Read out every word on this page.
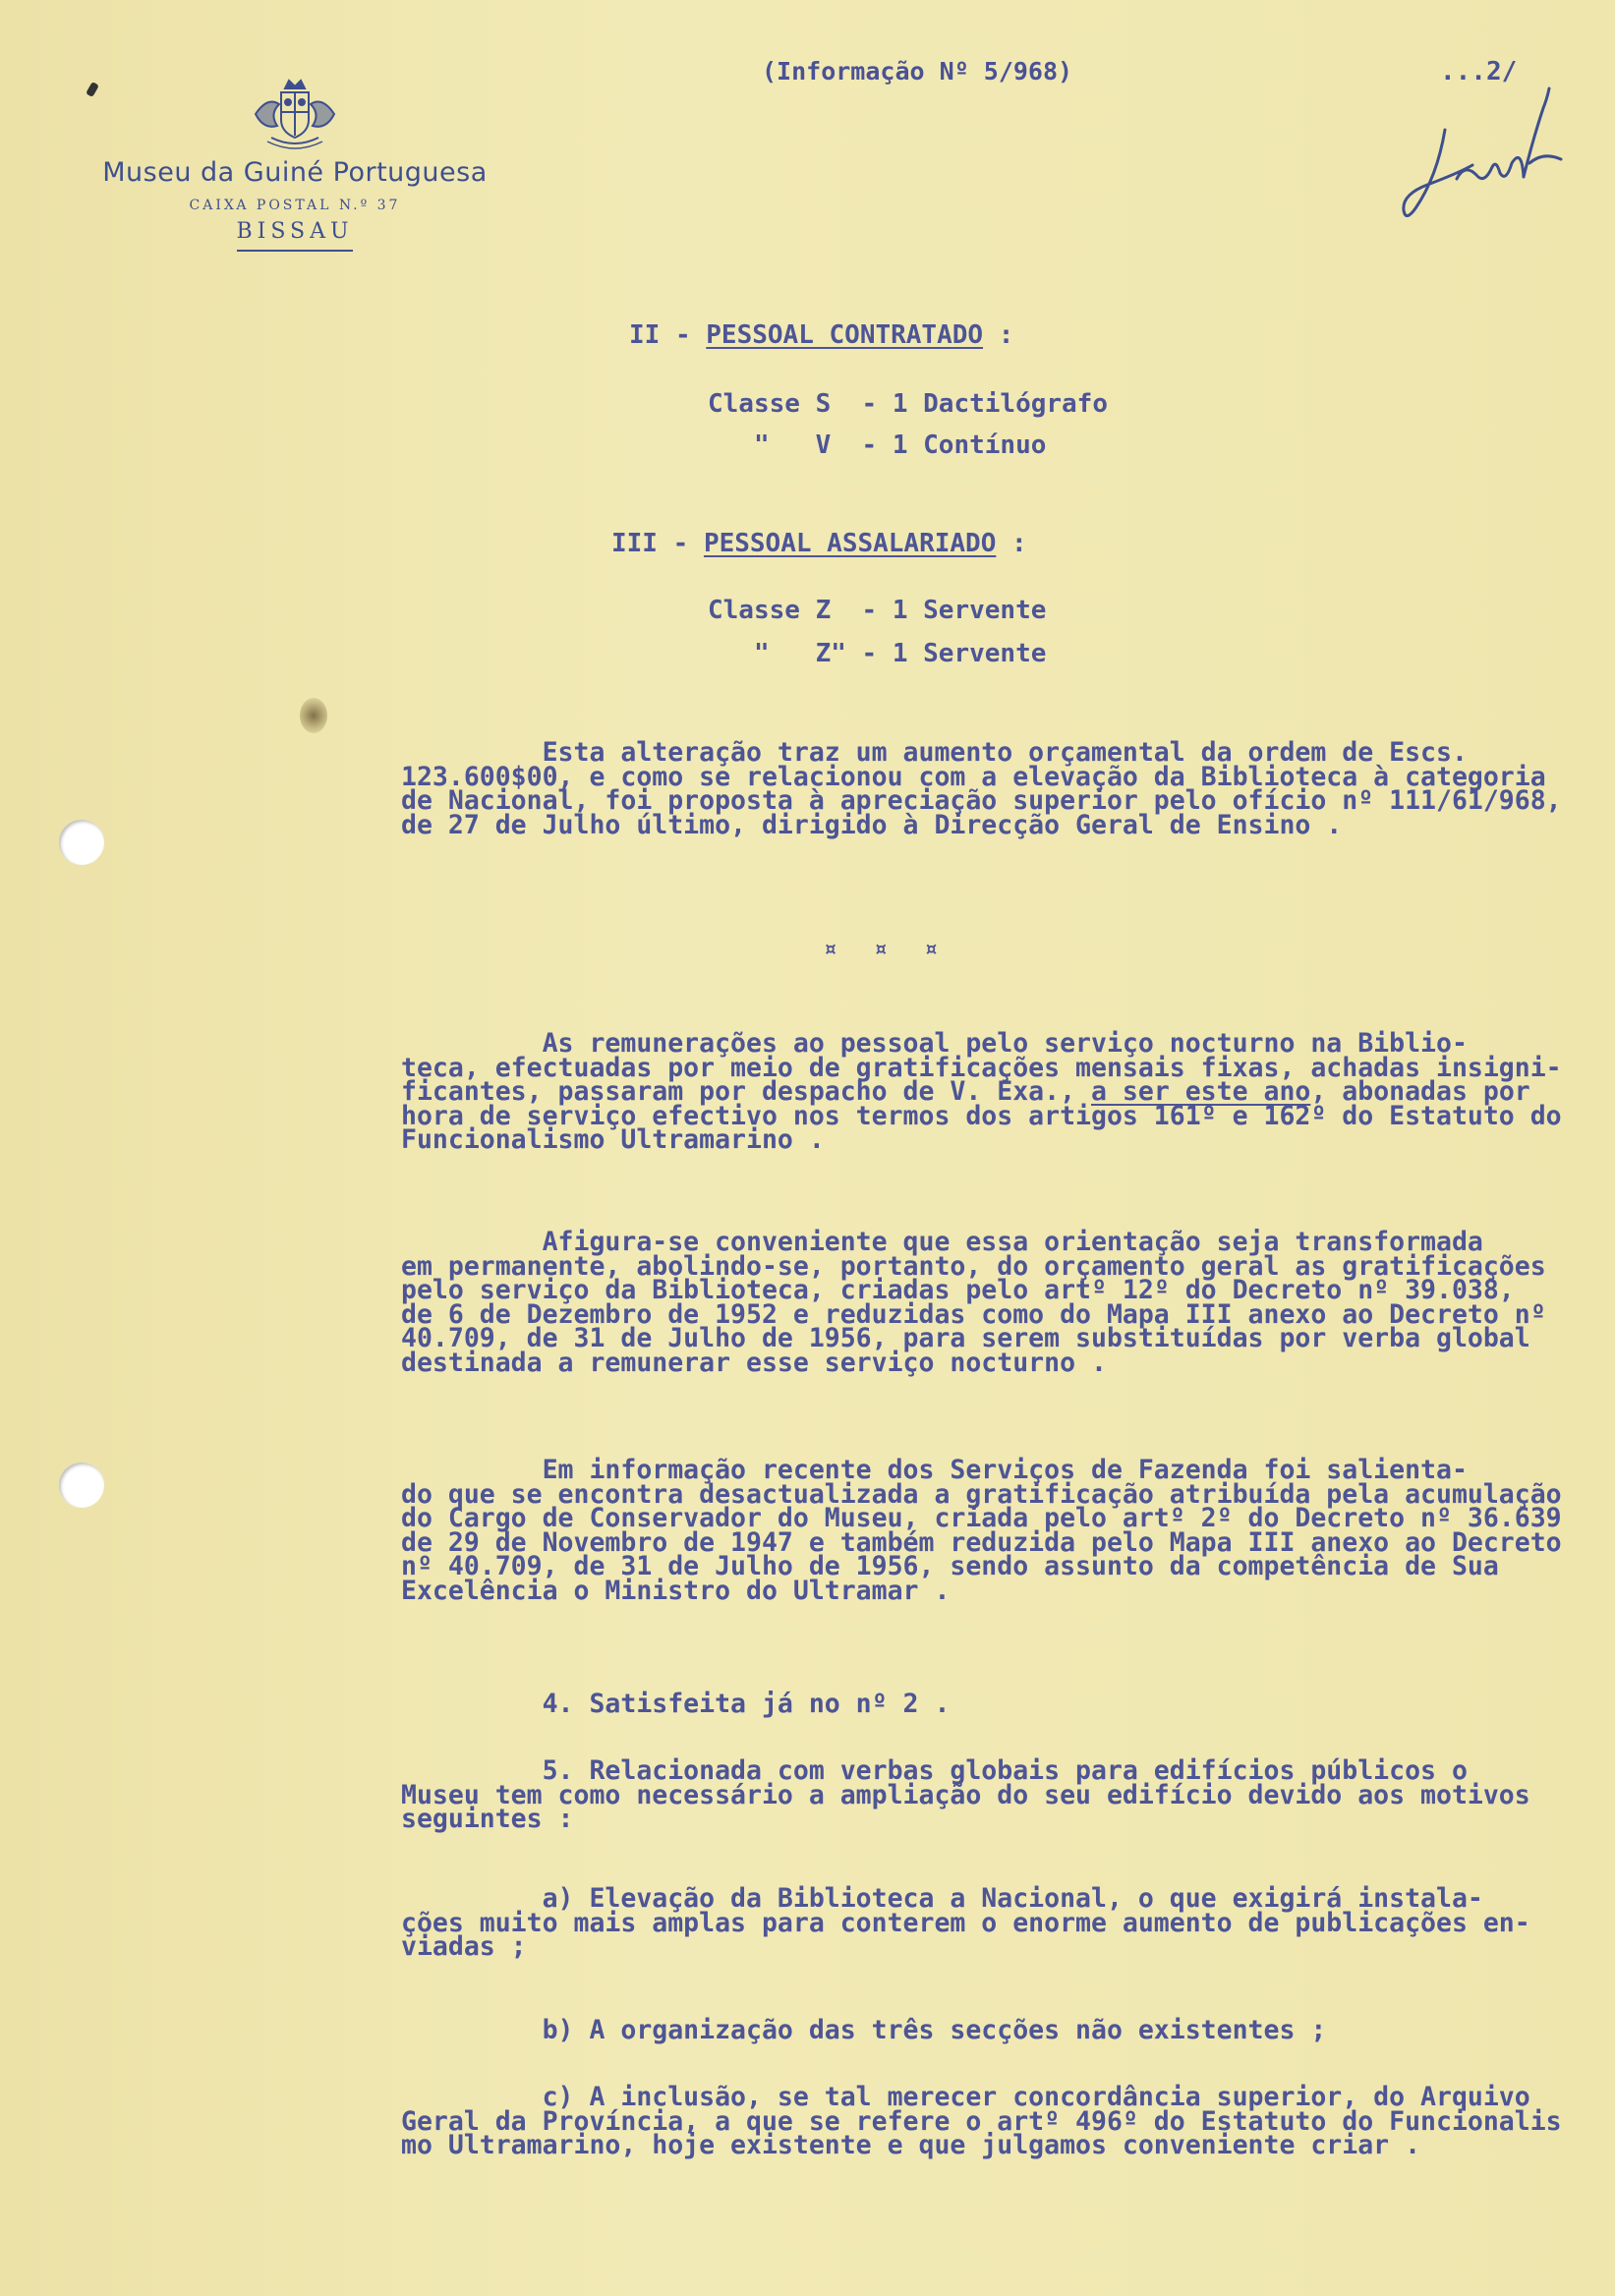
Museu da Guiné Portuguesa
CAIXA POSTAL N.º 37
BISSAU
(Informação Nº 5/968)	...2/
II - PESSOAL CONTRATADO :
Classe S  - 1 Dactilógrafo
"   V  - 1 Contínuo
III - PESSOAL ASSALARIADO :
Classe Z  - 1 Servente
"   Z" - 1 Servente
Esta alteração traz um aumento orçamental da ordem de Escs.
123.600$00, e como se relacionou com a elevação da Biblioteca à categoria
de Nacional, foi proposta à apreciação superior pelo ofício nº 111/61/968,
de 27 de Julho último, dirigido à Direcção Geral de Ensino .
¤¤¤
As remunerações ao pessoal pelo serviço nocturno na Biblio-
teca, efectuadas por meio de gratificações mensais fixas, achadas insigni-
ficantes, passaram por despacho de V. Exa., a ser este ano, abonadas por
hora de serviço efectivo nos termos dos artigos 161º e 162º do Estatuto do
Funcionalismo Ultramarino .
Afigura-se conveniente que essa orientação seja transformada
em permanente, abolindo-se, portanto, do orçamento geral as gratificações
pelo serviço da Biblioteca, criadas pelo artº 12º do Decreto nº 39.038,
de 6 de Dezembro de 1952 e reduzidas como do Mapa III anexo ao Decreto nº
40.709, de 31 de Julho de 1956, para serem substituídas por verba global
destinada a remunerar esse serviço nocturno .
Em informação recente dos Serviços de Fazenda foi salienta-
do que se encontra desactualizada a gratificação atribuída pela acumulação
do Cargo de Conservador do Museu, criada pelo artº 2º do Decreto nº 36.639
de 29 de Novembro de 1947 e também reduzida pelo Mapa III anexo ao Decreto
nº 40.709, de 31 de Julho de 1956, sendo assunto da competência de Sua
Excelência o Ministro do Ultramar .
4. Satisfeita já no nº 2 .
5. Relacionada com verbas globais para edifícios públicos o
Museu tem como necessário a ampliação do seu edifício devido aos motivos
seguintes :
a) Elevação da Biblioteca a Nacional, o que exigirá instala-
ções muito mais amplas para conterem o enorme aumento de publicações en-
viadas ;
b) A organização das três secções não existentes ;
c) A inclusão, se tal merecer concordância superior, do Arquivo
Geral da Província, a que se refere o artº 496º do Estatuto do Funcionalis
mo Ultramarino, hoje existente e que julgamos conveniente criar .
